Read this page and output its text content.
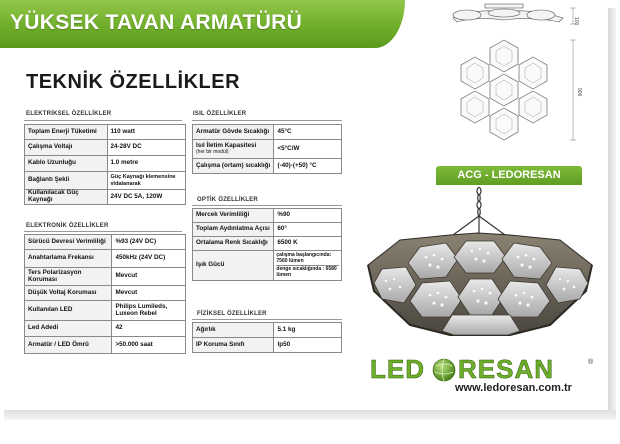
YÜKSEK TAVAN ARMATÜRÜ
TEKNİK ÖZELLİKLER
ELEKTRİKSEL ÖZELLİKLER
Toplam Enerji Tüketimi	110 watt
Çalışma Voltajı	24-28V DC
Kablo Uzunluğu	1.0 metre
Bağlantı Şekli	Güç Kaynağı klemensine vidalanarak
Kullanılacak Güç Kaynağı	24V DC 5A, 120W
ELEKTRONİK ÖZELLİKLER
Sürücü Devresi Verimliliği	%93 (24V DC)
Anahtarlama Frekansı	450kHz (24V DC)
Ters Polarizasyon Koruması	Mevcut
Düşük Voltaj Koruması	Mevcut
Kullanılan LED	Philips Lumileds, Luxeon Rebel
Led Adedi	42
Armatür / LED Ömrü	>50.000 saat
ISIL ÖZELLİKLER
Armatür Gövde Sıcaklığı	45°C
Isıl İletim Kapasitesi
(her bir modül)	<5°C/W
Çalışma (ortam) sıcaklığı	(-40)-(+50) °C
OPTİK ÖZELLİKLER
Mercek Verimliliği	%90
Toplam Aydınlatma Açısı	60°
Ortalama Renk Sıcaklığı	6500 K
Işık Gücü	çalışma başlangıcında: 7560 lümen
denge sıcaklığında : 6580 lümen
FİZİKSEL ÖZELLİKLER
Ağırlık	5.1 kg
IP Koruma Sınıfı	Ip50
100
906
ACG - LEDORESAN
LED RESAN	®
www.ledoresan.com.tr
